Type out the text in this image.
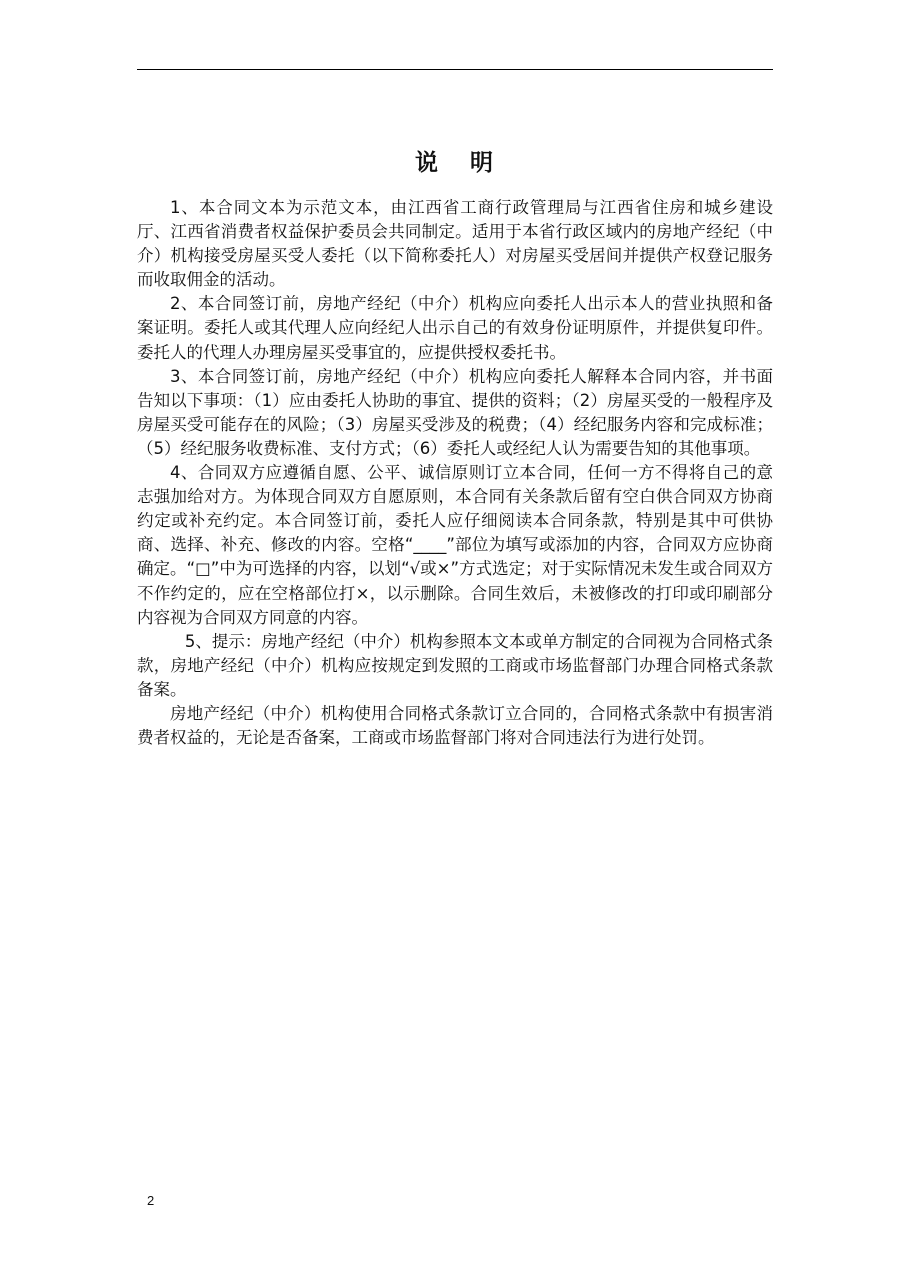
说 明

1、本合同文本为示范文本，由江西省工商行政管理局与江西省住房和城乡建设厅、江西省消费者权益保护委员会共同制定。适用于本省行政区域内的房地产经纪（中介）机构接受房屋买受人委托（以下简称委托人）对房屋买受居间并提供产权登记服务而收取佣金的活动。

2、本合同签订前，房地产经纪（中介）机构应向委托人出示本人的营业执照和备案证明。委托人或其代理人应向经纪人出示自己的有效身份证明原件，并提供复印件。委托人的代理人办理房屋买受事宜的，应提供授权委托书。

3、本合同签订前，房地产经纪（中介）机构应向委托人解释本合同内容，并书面告知以下事项：（1）应由委托人协助的事宜、提供的资料；（2）房屋买受的一般程序及房屋买受可能存在的风险；（3）房屋买受涉及的税费；（4）经纪服务内容和完成标准；（5）经纪服务收费标准、支付方式；（6）委托人或经纪人认为需要告知的其他事项。

4、合同双方应遵循自愿、公平、诚信原则订立本合同，任何一方不得将自己的意志强加给对方。为体现合同双方自愿原则，本合同有关条款后留有空白供合同双方协商约定或补充约定。本合同签订前，委托人应仔细阅读本合同条款，特别是其中可供协商、选择、补充、修改的内容。空格“____”部位为填写或添加的内容，合同双方应协商确定。“□”中为可选择的内容，以划“√或×”方式选定；对于实际情况未发生或合同双方不作约定的，应在空格部位打×，以示删除。合同生效后，未被修改的打印或印刷部分内容视为合同双方同意的内容。

5、提示：房地产经纪（中介）机构参照本文本或单方制定的合同视为合同格式条款，房地产经纪（中介）机构应按规定到发照的工商或市场监督部门办理合同格式条款备案。

房地产经纪（中介）机构使用合同格式条款订立合同的，合同格式条款中有损害消费者权益的，无论是否备案，工商或市场监督部门将对合同违法行为进行处罚。

2
